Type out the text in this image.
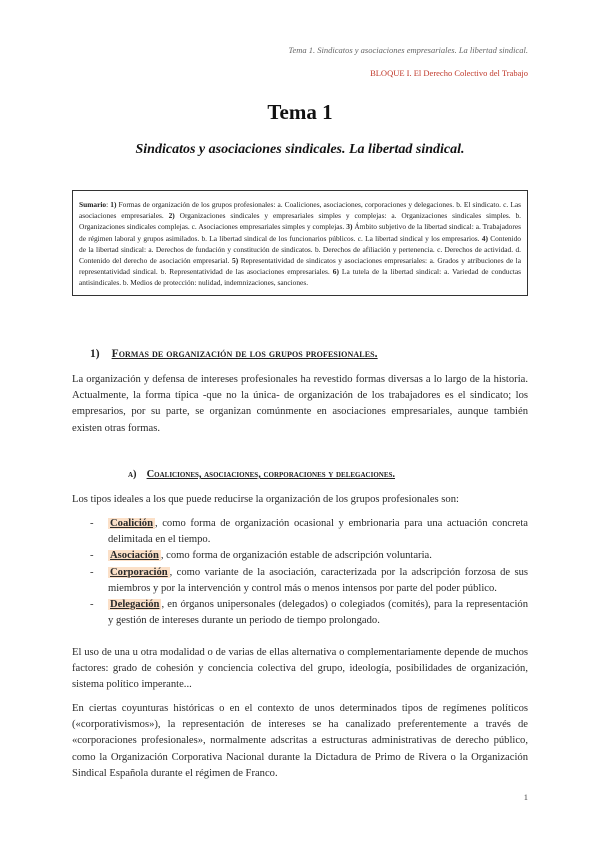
Tema 1. Sindicatos y asociaciones empresariales. La libertad sindical.
BLOQUE I. El Derecho Colectivo del Trabajo
Tema 1
Sindicatos y asociaciones sindicales. La libertad sindical.
Sumario: 1) Formas de organización de los grupos profesionales: a. Coaliciones, asociaciones, corporaciones y delegaciones. b. El sindicato. c. Las asociaciones empresariales. 2) Organizaciones sindicales y empresariales simples y complejas: a. Organizaciones sindicales simples. b. Organizaciones sindicales complejas. c. Asociaciones empresariales simples y complejas. 3) Ámbito subjetivo de la libertad sindical: a. Trabajadores de régimen laboral y grupos asimilados. b. La libertad sindical de los funcionarios públicos. c. La libertad sindical y los empresarios. 4) Contenido de la libertad sindical: a. Derechos de fundación y constitución de sindicatos. b. Derechos de afiliación y pertenencia. c. Derechos de actividad. d. Contenido del derecho de asociación empresarial. 5) Representatividad de sindicatos y asociaciones empresariales: a. Grados y atribuciones de la representatividad sindical. b. Representatividad de las asociaciones empresariales. 6) La tutela de la libertad sindical: a. Variedad de conductas antisindicales. b. Medios de protección: nulidad, indemnizaciones, sanciones.
1) Formas de organización de los grupos profesionales.
La organización y defensa de intereses profesionales ha revestido formas diversas a lo largo de la historia. Actualmente, la forma típica -que no la única- de organización de los trabajadores es el sindicato; los empresarios, por su parte, se organizan comúnmente en asociaciones empresariales, aunque también existen otras formas.
a) Coaliciones, asociaciones, corporaciones y delegaciones.
Los tipos ideales a los que puede reducirse la organización de los grupos profesionales son:
- Coalición , como forma de organización ocasional y embrionaria para una actuación concreta delimitada en el tiempo.
- Asociación , como forma de organización estable de adscripción voluntaria.
- Corporación , como variante de la asociación, caracterizada por la adscripción forzosa de sus miembros y por la intervención y control más o menos intensos por parte del poder público.
- Delegación , en órganos unipersonales (delegados) o colegiados (comités), para la representación y gestión de intereses durante un periodo de tiempo prolongado.
El uso de una u otra modalidad o de varias de ellas alternativa o complementariamente depende de muchos factores: grado de cohesión y conciencia colectiva del grupo, ideología, posibilidades de organización, sistema político imperante...
En ciertas coyunturas históricas o en el contexto de unos determinados tipos de regímenes políticos («corporativismos»), la representación de intereses se ha canalizado preferentemente a través de «corporaciones profesionales», normalmente adscritas a estructuras administrativas de derecho público, como la Organización Corporativa Nacional durante la Dictadura de Primo de Rivera o la Organización Sindical Española durante el régimen de Franco.
1
